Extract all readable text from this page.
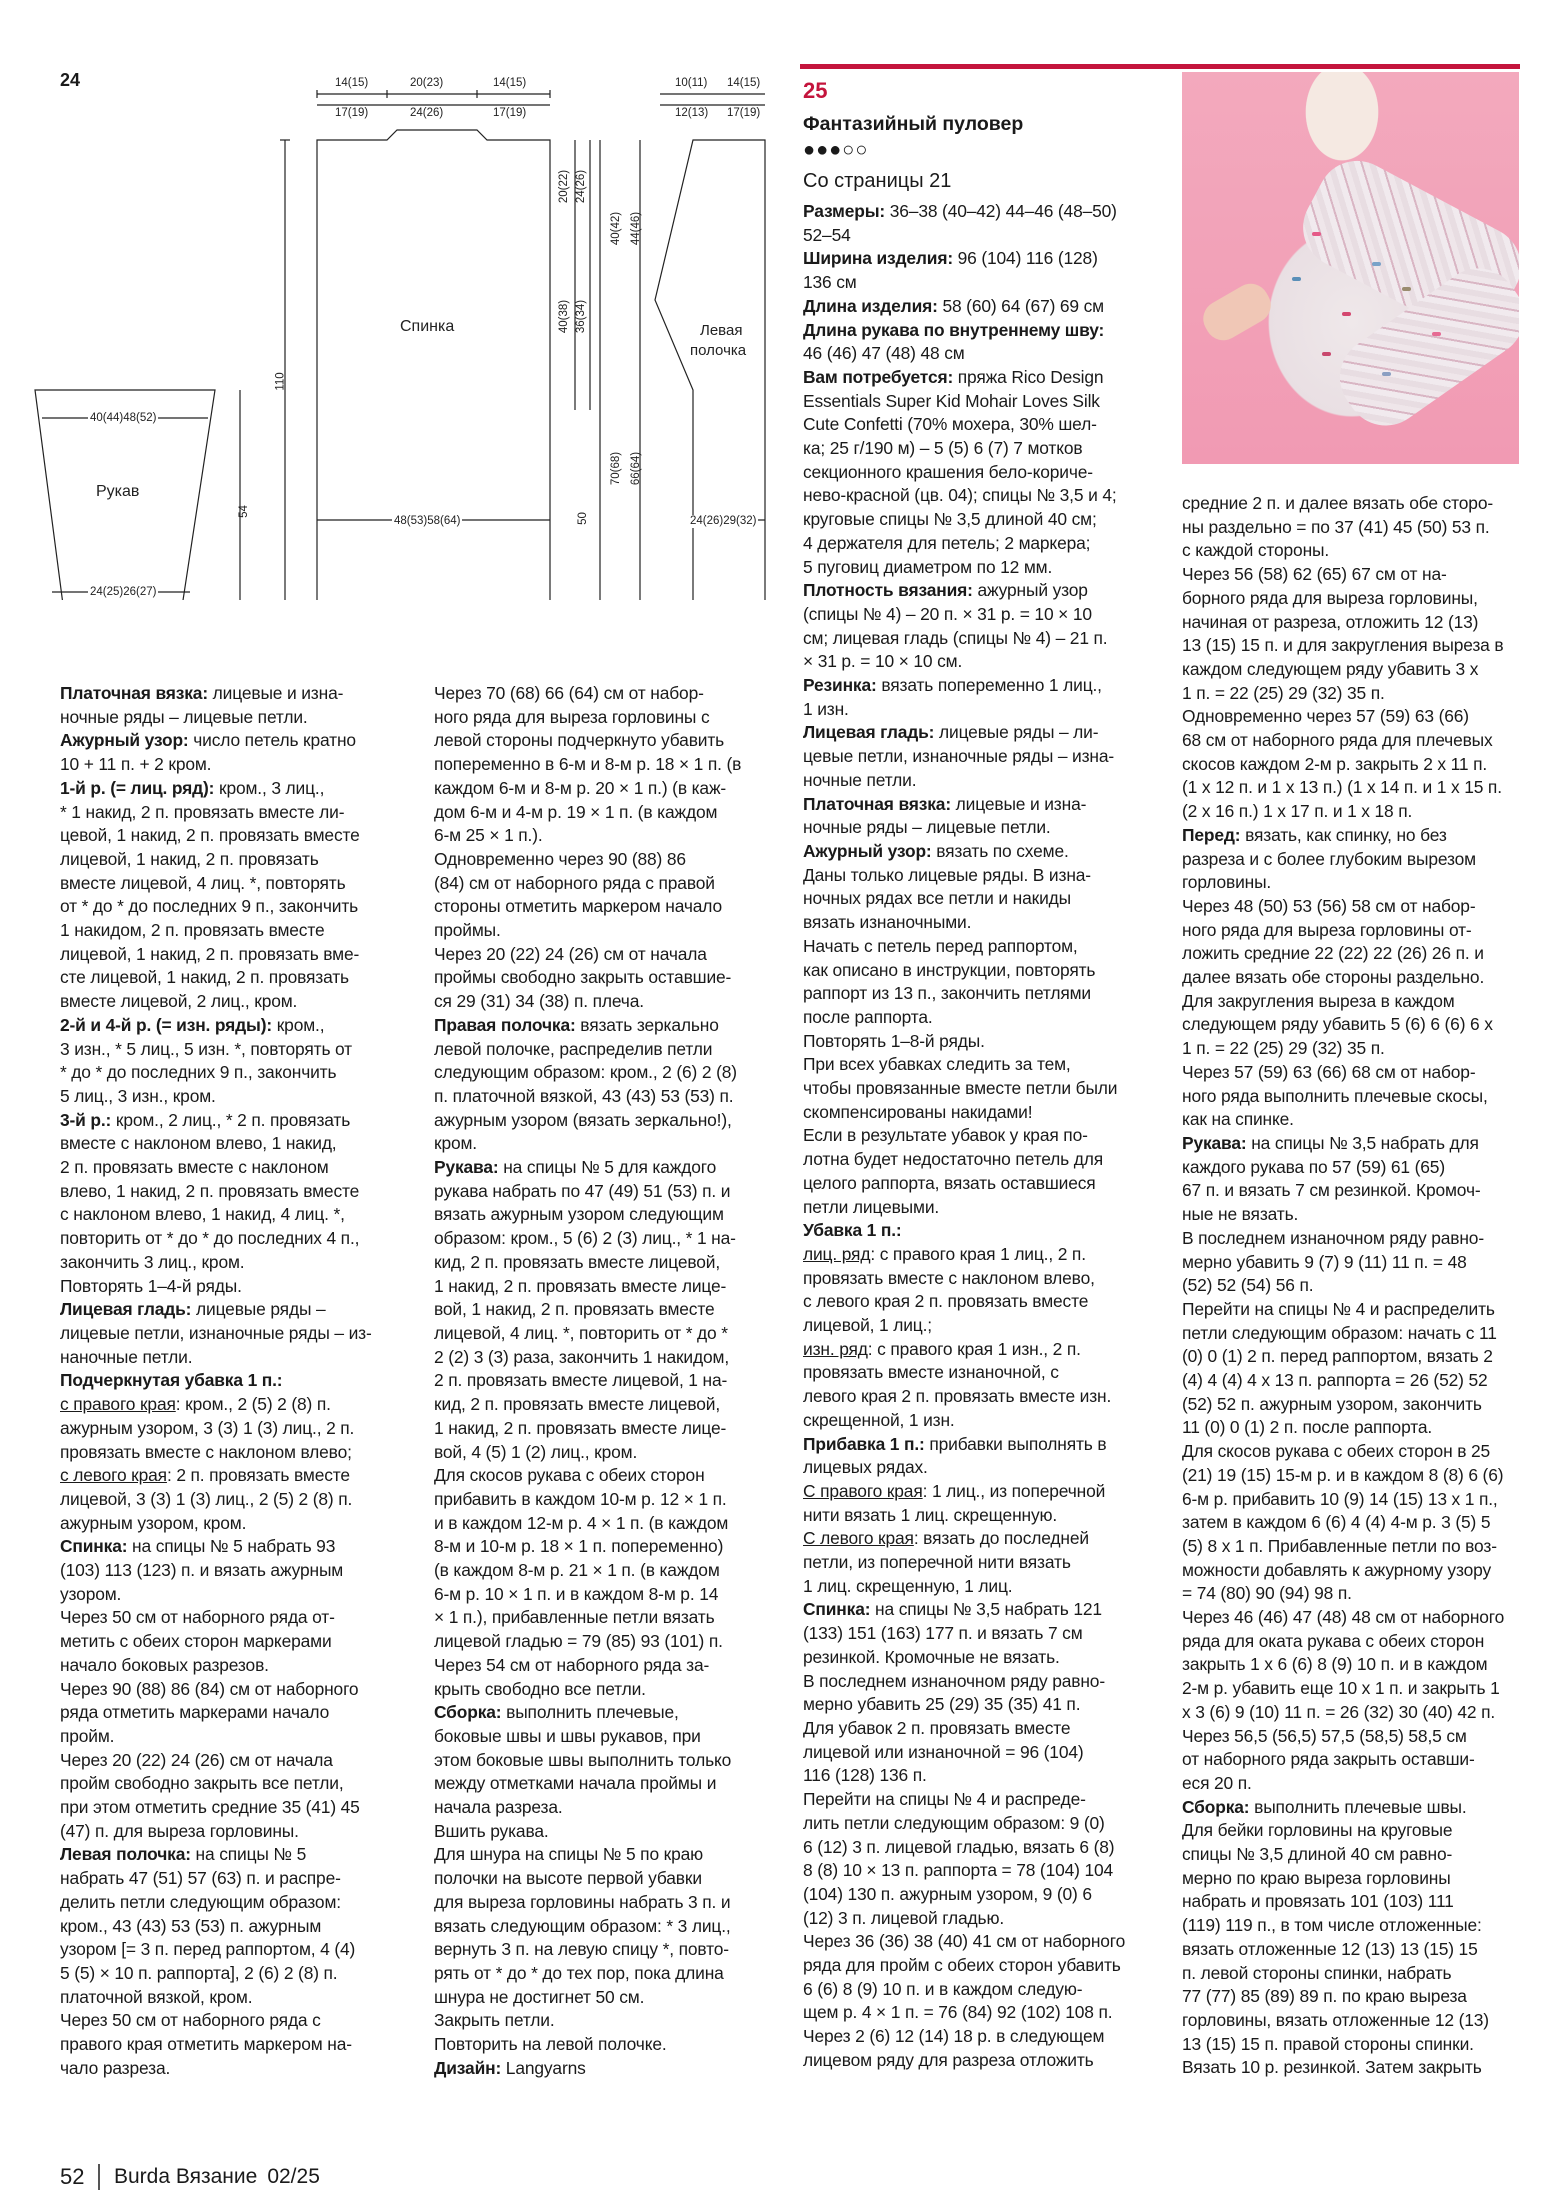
24	14(15)	20(23)	14(15)
17(19)	24(26)	17(19)
Спинка
110
48(53)58(64)
20(22) 24(26)
40(38) 36(34)
50
10(11) 14(15)
12(13) 17(19)
Левая
полочка
40(42) 44(46)
70(68) 66(64)
24(26)29(32)
40(44)48(52)
Рукав
24(25)26(27)
54
25
Фантазийный пуловер
●●●○○
Со страницы 21

Платочная вязка: лицевые и изна-

ночные ряды – лицевые петли.

Ажурный узор: число петель кратно

10 + 11 п. + 2 кром.

1-й р. (= лиц. ряд): кром., 3 лиц.,

* 1 накид, 2 п. провязать вместе ли-

цевой, 1 накид, 2 п. провязать вместе

лицевой, 1 накид, 2 п. провязать

вместе лицевой, 4 лиц. *, повторять

от * до * до последних 9 п., закончить

1 накидом, 2 п. провязать вместе

лицевой, 1 накид, 2 п. провязать вме-

сте лицевой, 1 накид, 2 п. провязать

вместе лицевой, 2 лиц., кром.

2-й и 4-й р. (= изн. ряды): кром.,

3 изн., * 5 лиц., 5 изн. *, повторять от

* до * до последних 9 п., закончить

5 лиц., 3 изн., кром.

3-й р.: кром., 2 лиц., * 2 п. провязать

вместе с наклоном влево, 1 накид,

2 п. провязать вместе с наклоном

влево, 1 накид, 2 п. провязать вместе

с наклоном влево, 1 накид, 4 лиц. *,

повторить от * до * до последних 4 п.,

закончить 3 лиц., кром.

Повторять 1–4-й ряды.

Лицевая гладь: лицевые ряды –

лицевые петли, изнаночные ряды – из-

наночные петли.

Подчеркнутая убавка 1 п.:

с правого края: кром., 2 (5) 2 (8) п.

ажурным узором, 3 (3) 1 (3) лиц., 2 п.

провязать вместе с наклоном влево;

с левого края: 2 п. провязать вместе

лицевой, 3 (3) 1 (3) лиц., 2 (5) 2 (8) п.

ажурным узором, кром.

Спинка: на спицы № 5 набрать 93

(103) 113 (123) п. и вязать ажурным

узором.

Через 50 см от наборного ряда от-

метить с обеих сторон маркерами

начало боковых разрезов.

Через 90 (88) 86 (84) см от наборного

ряда отметить маркерами начало

пройм.

Через 20 (22) 24 (26) см от начала

пройм свободно закрыть все петли,

при этом отметить средние 35 (41) 45

(47) п. для выреза горловины.

Левая полочка: на спицы № 5

набрать 47 (51) 57 (63) п. и распре-

делить петли следующим образом:

кром., 43 (43) 53 (53) п. ажурным

узором [= 3 п. перед раппортом, 4 (4)

5 (5) × 10 п. раппорта], 2 (6) 2 (8) п.

платочной вязкой, кром.

Через 50 см от наборного ряда с

правого края отметить маркером на-

чало разреза.

Через 70 (68) 66 (64) см от набор-

ного ряда для выреза горловины с

левой стороны подчеркнуто убавить

попеременно в 6-м и 8-м р. 18 × 1 п. (в

каждом 6-м и 8-м р. 20 × 1 п.) (в каж-

дом 6-м и 4-м р. 19 × 1 п. (в каждом

6-м 25 × 1 п.).

Одновременно через 90 (88) 86

(84) см от наборного ряда с правой

стороны отметить маркером начало

проймы.

Через 20 (22) 24 (26) см от начала

проймы свободно закрыть оставшие-

ся 29 (31) 34 (38) п. плеча.

Правая полочка: вязать зеркально

левой полочке, распределив петли

следующим образом: кром., 2 (6) 2 (8)

п. платочной вязкой, 43 (43) 53 (53) п.

ажурным узором (вязать зеркально!),

кром.

Рукава: на спицы № 5 для каждого

рукава набрать по 47 (49) 51 (53) п. и

вязать ажурным узором следующим

образом: кром., 5 (6) 2 (3) лиц., * 1 на-

кид, 2 п. провязать вместе лицевой,

1 накид, 2 п. провязать вместе лице-

вой, 1 накид, 2 п. провязать вместе

лицевой, 4 лиц. *, повторить от * до *

2 (2) 3 (3) раза, закончить 1 накидом,

2 п. провязать вместе лицевой, 1 на-

кид, 2 п. провязать вместе лицевой,

1 накид, 2 п. провязать вместе лице-

вой, 4 (5) 1 (2) лиц., кром.

Для скосов рукава с обеих сторон

прибавить в каждом 10-м р. 12 × 1 п.

и в каждом 12-м р. 4 × 1 п. (в каждом

8-м и 10-м р. 18 × 1 п. попеременно)

(в каждом 8-м р. 21 × 1 п. (в каждом

6-м р. 10 × 1 п. и в каждом 8-м р. 14

× 1 п.), прибавленные петли вязать

лицевой гладью = 79 (85) 93 (101) п.

Через 54 см от наборного ряда за-

крыть свободно все петли.

Сборка: выполнить плечевые,

боковые швы и швы рукавов, при

этом боковые швы выполнить только

между отметками начала проймы и

начала разреза.

Вшить рукава.

Для шнура на спицы № 5 по краю

полочки на высоте первой убавки

для выреза горловины набрать 3 п. и

вязать следующим образом: * 3 лиц.,

вернуть 3 п. на левую спицу *, повто-

рять от * до * до тех пор, пока длина

шнура не достигнет 50 см.

Закрыть петли.

Повторить на левой полочке.

Дизайн: Langyarns

Размеры: 36–38 (40–42) 44–46 (48–50)

52–54

Ширина изделия: 96 (104) 116 (128)

136 см

Длина изделия: 58 (60) 64 (67) 69 см

Длина рукава по внутреннему шву:

46 (46) 47 (48) 48 см

Вам потребуется: пряжа Rico Design

Essentials Super Kid Mohair Loves Silk

Cute Confetti (70% мохера, 30% шел-

ка; 25 г/190 м) – 5 (5) 6 (7) 7 мотков

секционного крашения бело-кориче-

нево-красной (цв. 04); спицы № 3,5 и 4;

круговые спицы № 3,5 длиной 40 см;

4 держателя для петель; 2 маркера;

5 пуговиц диаметром по 12 мм.

Плотность вязания: ажурный узор

(спицы № 4) – 20 п. × 31 р. = 10 × 10

см; лицевая гладь (спицы № 4) – 21 п.

× 31 р. = 10 × 10 см.

Резинка: вязать попеременно 1 лиц.,

1 изн.

Лицевая гладь: лицевые ряды – ли-

цевые петли, изнаночные ряды – изна-

ночные петли.

Платочная вязка: лицевые и изна-

ночные ряды – лицевые петли.

Ажурный узор: вязать по схеме.

Даны только лицевые ряды. В изна-

ночных рядах все петли и накиды

вязать изнаночными.

Начать с петель перед раппортом,

как описано в инструкции, повторять

раппорт из 13 п., закончить петлями

после раппорта.

Повторять 1–8-й ряды.

При всех убавках следить за тем,

чтобы провязанные вместе петли были

скомпенсированы накидами!

Если в результате убавок у края по-

лотна будет недостаточно петель для

целого раппорта, вязать оставшиеся

петли лицевыми.

Убавка 1 п.:

лиц. ряд: с правого края 1 лиц., 2 п.

провязать вместе с наклоном влево,

с левого края 2 п. провязать вместе

лицевой, 1 лиц.;

изн. ряд: с правого края 1 изн., 2 п.

провязать вместе изнаночной, с

левого края 2 п. провязать вместе изн.

скрещенной, 1 изн.

Прибавка 1 п.: прибавки выполнять в

лицевых рядах.

С правого края: 1 лиц., из поперечной

нити вязать 1 лиц. скрещенную.

С левого края: вязать до последней

петли, из поперечной нити вязать

1 лиц. скрещенную, 1 лиц.

Спинка: на спицы № 3,5 набрать 121

(133) 151 (163) 177 п. и вязать 7 см

резинкой. Кромочные не вязать.

В последнем изнаночном ряду равно-

мерно убавить 25 (29) 35 (35) 41 п.

Для убавок 2 п. провязать вместе

лицевой или изнаночной = 96 (104)

116 (128) 136 п.

Перейти на спицы № 4 и распреде-

лить петли следующим образом: 9 (0)

6 (12) 3 п. лицевой гладью, вязать 6 (8)

8 (8) 10 × 13 п. раппорта = 78 (104) 104

(104) 130 п. ажурным узором, 9 (0) 6

(12) 3 п. лицевой гладью.

Через 36 (36) 38 (40) 41 см от наборного

ряда для пройм с обеих сторон убавить

6 (6) 8 (9) 10 п. и в каждом следую-

щем р. 4 × 1 п. = 76 (84) 92 (102) 108 п.

Через 2 (6) 12 (14) 18 р. в следующем

лицевом ряду для разреза отложить

средние 2 п. и далее вязать обе сторо-

ны раздельно = по 37 (41) 45 (50) 53 п.

с каждой стороны.

Через 56 (58) 62 (65) 67 см от на-

борного ряда для выреза горловины,

начиная от разреза, отложить 12 (13)

13 (15) 15 п. и для закругления выреза в

каждом следующем ряду убавить 3 х

1 п. = 22 (25) 29 (32) 35 п.

Одновременно через 57 (59) 63 (66)

68 см от наборного ряда для плечевых

скосов каждом 2-м р. закрыть 2 х 11 п.

(1 х 12 п. и 1 х 13 п.) (1 х 14 п. и 1 х 15 п.

(2 х 16 п.) 1 х 17 п. и 1 х 18 п.

Перед: вязать, как спинку, но без

разреза и с более глубоким вырезом

горловины.

Через 48 (50) 53 (56) 58 см от набор-

ного ряда для выреза горловины от-

ложить средние 22 (22) 22 (26) 26 п. и

далее вязать обе стороны раздельно.

Для закругления выреза в каждом

следующем ряду убавить 5 (6) 6 (6) 6 х

1 п. = 22 (25) 29 (32) 35 п.

Через 57 (59) 63 (66) 68 см от набор-

ного ряда выполнить плечевые скосы,

как на спинке.

Рукава: на спицы № 3,5 набрать для

каждого рукава по 57 (59) 61 (65)

67 п. и вязать 7 см резинкой. Кромоч-

ные не вязать.

В последнем изнаночном ряду равно-

мерно убавить 9 (7) 9 (11) 11 п. = 48

(52) 52 (54) 56 п.

Перейти на спицы № 4 и распределить

петли следующим образом: начать с 11

(0) 0 (1) 2 п. перед раппортом, вязать 2

(4) 4 (4) 4 х 13 п. раппорта = 26 (52) 52

(52) 52 п. ажурным узором, закончить

11 (0) 0 (1) 2 п. после раппорта.

Для скосов рукава с обеих сторон в 25

(21) 19 (15) 15-м р. и в каждом 8 (8) 6 (6)

6-м р. прибавить 10 (9) 14 (15) 13 х 1 п.,

затем в каждом 6 (6) 4 (4) 4-м р. 3 (5) 5

(5) 8 х 1 п. Прибавленные петли по воз-

можности добавлять к ажурному узору

= 74 (80) 90 (94) 98 п.

Через 46 (46) 47 (48) 48 см от наборного

ряда для оката рукава с обеих сторон

закрыть 1 х 6 (6) 8 (9) 10 п. и в каждом

2-м р. убавить еще 10 х 1 п. и закрыть 1

х 3 (6) 9 (10) 11 п. = 26 (32) 30 (40) 42 п.

Через 56,5 (56,5) 57,5 (58,5) 58,5 см

от наборного ряда закрыть оставши-

еся 20 п.

Сборка: выполнить плечевые швы.

Для бейки горловины на круговые

спицы № 3,5 длиной 40 см равно-

мерно по краю выреза горловины

набрать и провязать 101 (103) 111

(119) 119 п., в том числе отложенные:

вязать отложенные 12 (13) 13 (15) 15

п. левой стороны спинки, набрать

77 (77) 85 (89) 89 п. по краю выреза

горловины, вязать отложенные 12 (13)

13 (15) 15 п. правой стороны спинки.

Вязать 10 р. резинкой. Затем закрыть

52 Burda Вязание 02/25
